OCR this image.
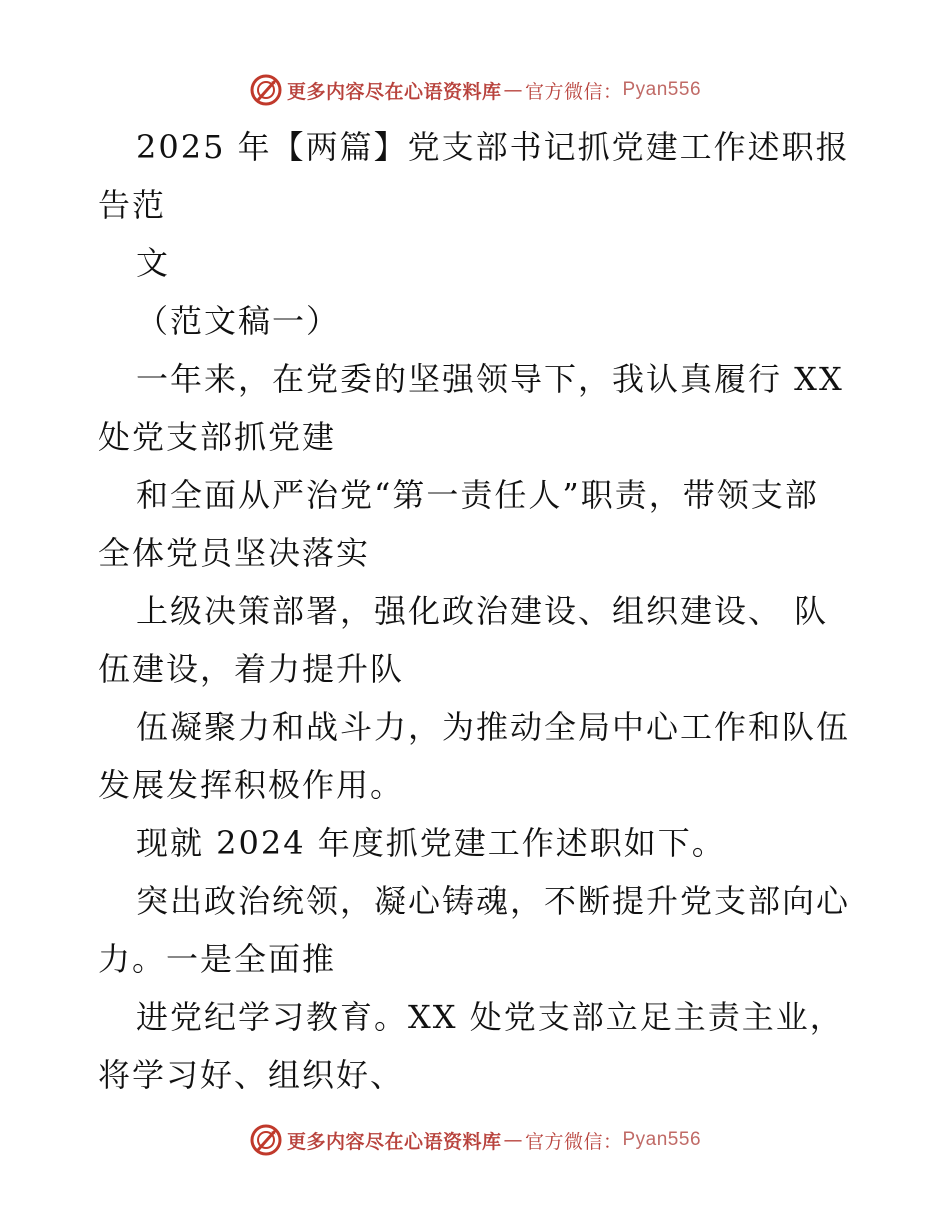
更多内容尽在心语资料库 — 官方微信： Pyan556
2025 年【两篇】党支部书记抓党建工作述职报
告范
文
（范文稿一）
一年来，在党委的坚强领导下，我认真履行 XX
处党支部抓党建
和全面从严治党“第一责任人”职责，带领支部
全体党员坚决落实
上级决策部署，强化政治建设、组织建设、 队
伍建设，着力提升队
伍凝聚力和战斗力，为推动全局中心工作和队伍
发展发挥积极作用。
现就 2024 年度抓党建工作述职如下。
突出政治统领，凝心铸魂，不断提升党支部向心
力。一是全面推
进党纪学习教育。XX 处党支部立足主责主业，
将学习好、组织好、
更多内容尽在心语资料库 — 官方微信： Pyan556
